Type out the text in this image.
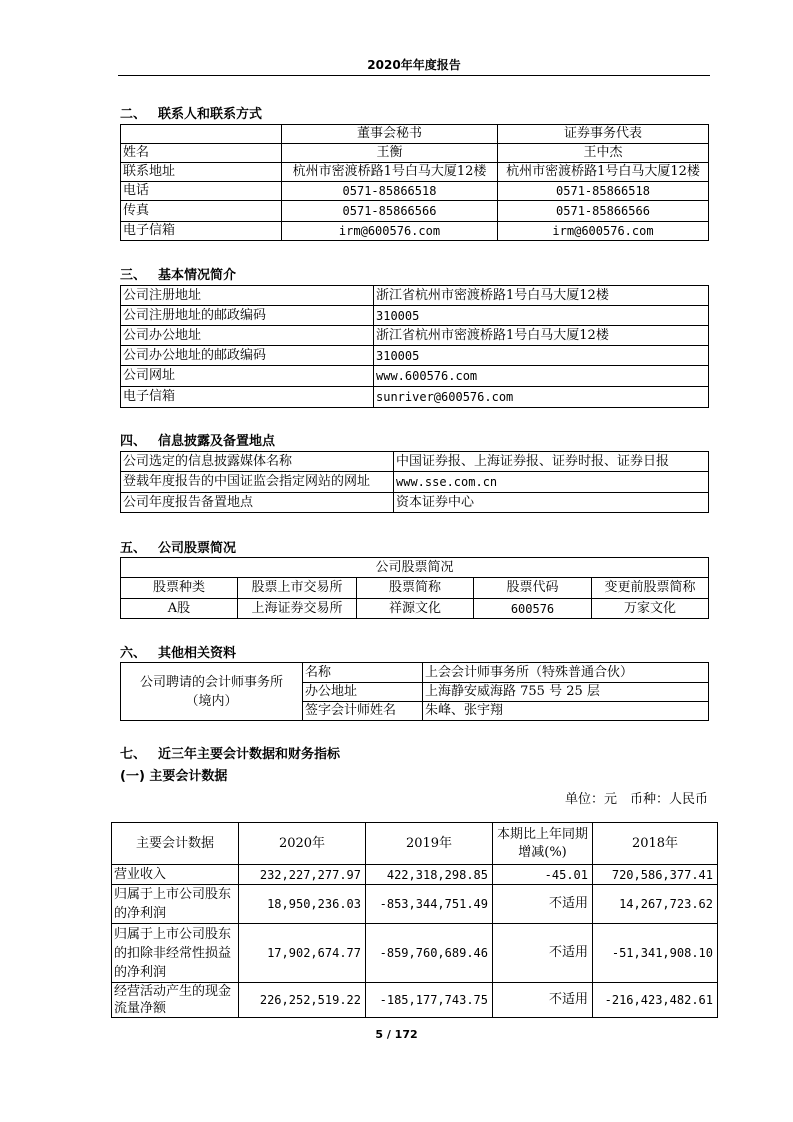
2020年年度报告
二、 联系人和联系方式
	董事会秘书	证券事务代表
姓名	王衡	王中杰
联系地址	杭州市密渡桥路1号白马大厦12楼	杭州市密渡桥路1号白马大厦12楼
电话	0571-85866518	0571-85866518
传真	0571-85866566	0571-85866566
电子信箱	irm@600576.com	irm@600576.com
三、 基本情况简介
公司注册地址	浙江省杭州市密渡桥路1号白马大厦12楼
公司注册地址的邮政编码	310005
公司办公地址	浙江省杭州市密渡桥路1号白马大厦12楼
公司办公地址的邮政编码	310005
公司网址	www.600576.com
电子信箱	sunriver@600576.com
四、 信息披露及备置地点
公司选定的信息披露媒体名称	中国证券报、上海证券报、证券时报、证券日报
登载年度报告的中国证监会指定网站的网址	www.sse.com.cn
公司年度报告备置地点	资本证券中心
五、 公司股票简况
公司股票简况				
股票种类	股票上市交易所	股票简称	股票代码	变更前股票简称
A股	上海证券交易所	祥源文化	600576	万家文化
六、 其他相关资料
公司聘请的会计师事务所（境内）	名称	上会会计师事务所（特殊普通合伙）
	办公地址	上海静安威海路 755 号 25 层
	签字会计师姓名	朱峰、张宇翔
七、 近三年主要会计数据和财务指标
(一) 主要会计数据
单位：元　币种：人民币
主要会计数据	2020年	2019年	本期比上年同期增减(%)	2018年
营业收入	232,227,277.97	422,318,298.85	-45.01	720,586,377.41
归属于上市公司股东的净利润	18,950,236.03	-853,344,751.49	不适用	14,267,723.62
归属于上市公司股东的扣除非经常性损益的净利润	17,902,674.77	-859,760,689.46	不适用	-51,341,908.10
经营活动产生的现金流量净额	226,252,519.22	-185,177,743.75	不适用	-216,423,482.61
5 / 172
